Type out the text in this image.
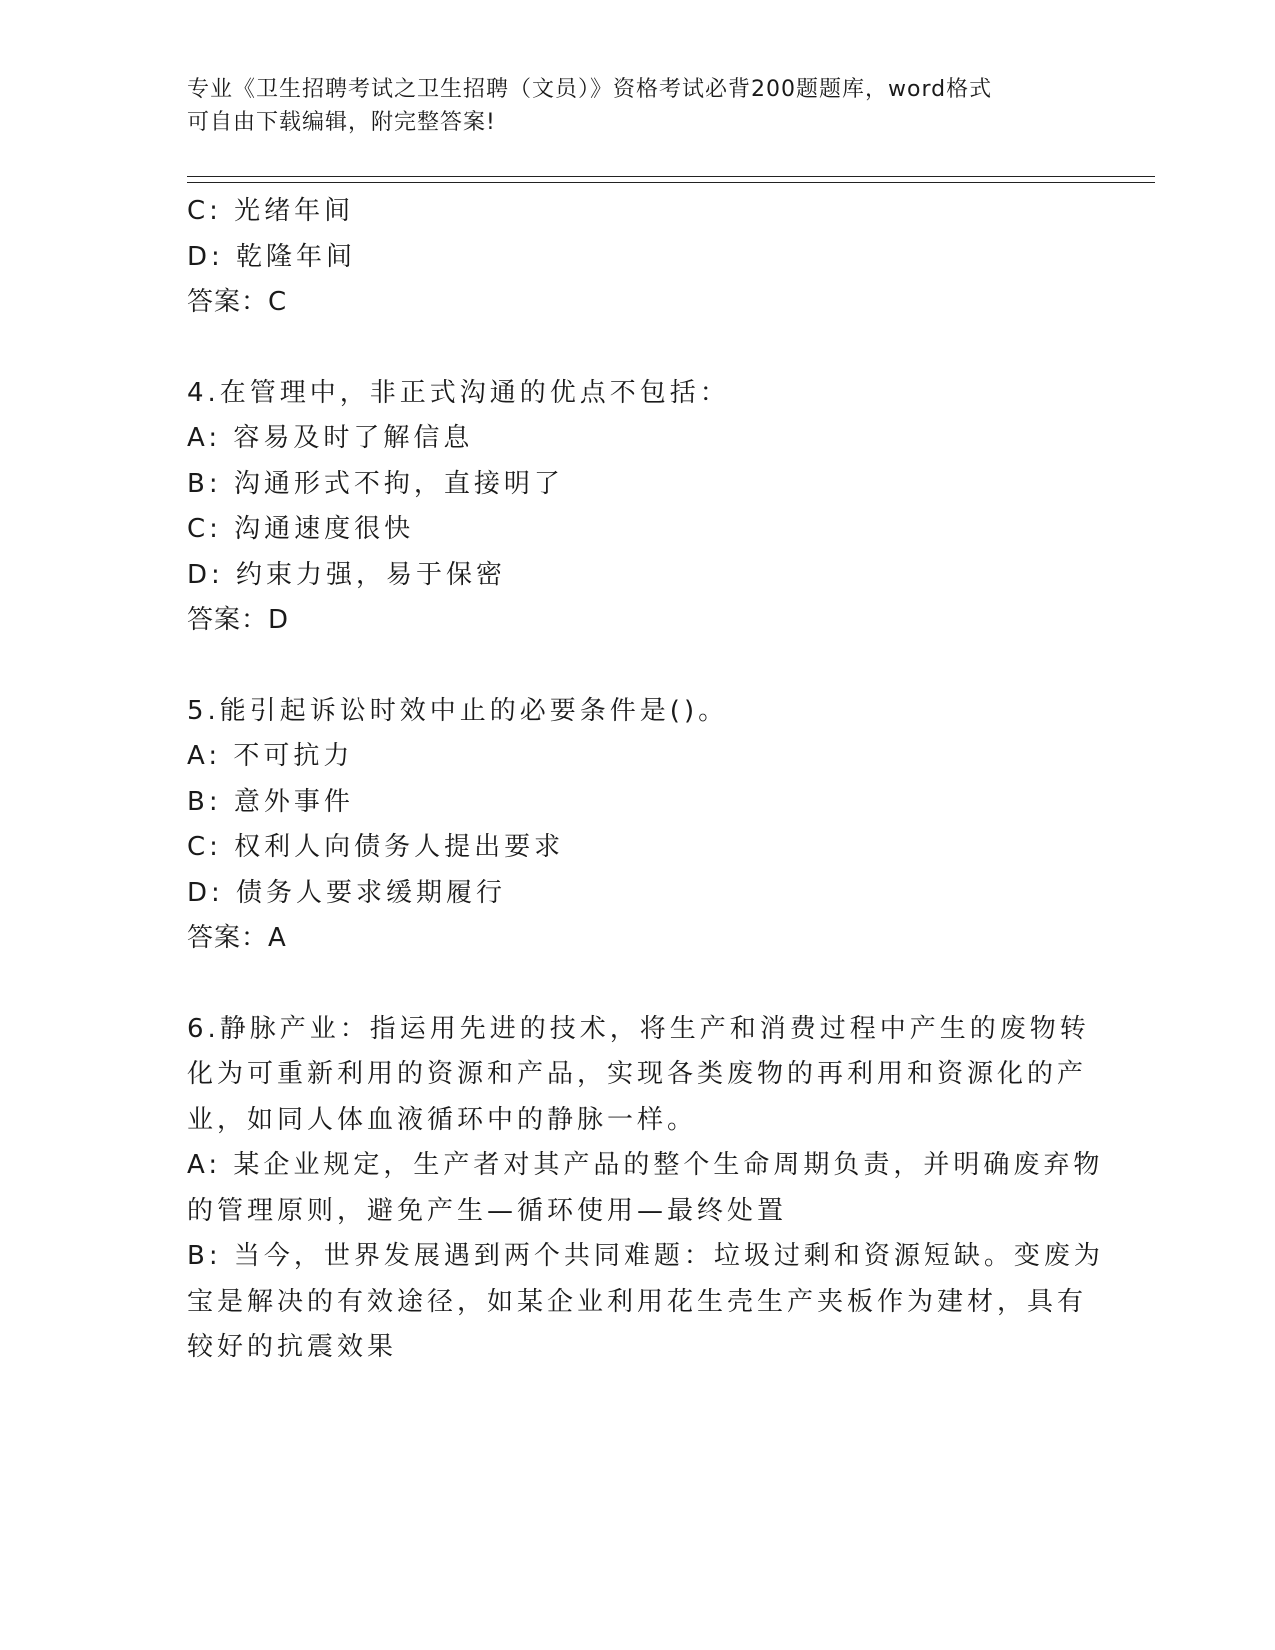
专业《卫生招聘考试之卫生招聘（文员）》资格考试必背200题题库，word格式
可自由下载编辑，附完整答案!
C: 光绪年间
D: 乾隆年间
答案：C
4.在管理中，非正式沟通的优点不包括：
A: 容易及时了解信息
B: 沟通形式不拘，直接明了
C: 沟通速度很快
D: 约束力强，易于保密
答案：D
5.能引起诉讼时效中止的必要条件是()。
A: 不可抗力
B: 意外事件
C: 权利人向债务人提出要求
D: 债务人要求缓期履行
答案：A
6.静脉产业：指运用先进的技术，将生产和消费过程中产生的废物转
化为可重新利用的资源和产品，实现各类废物的再利用和资源化的产
业，如同人体血液循环中的静脉一样。
A: 某企业规定，生产者对其产品的整个生命周期负责，并明确废弃物
的管理原则，避免产生—循环使用—最终处置
B: 当今，世界发展遇到两个共同难题：垃圾过剩和资源短缺。变废为
宝是解决的有效途径，如某企业利用花生壳生产夹板作为建材，具有
较好的抗震效果
